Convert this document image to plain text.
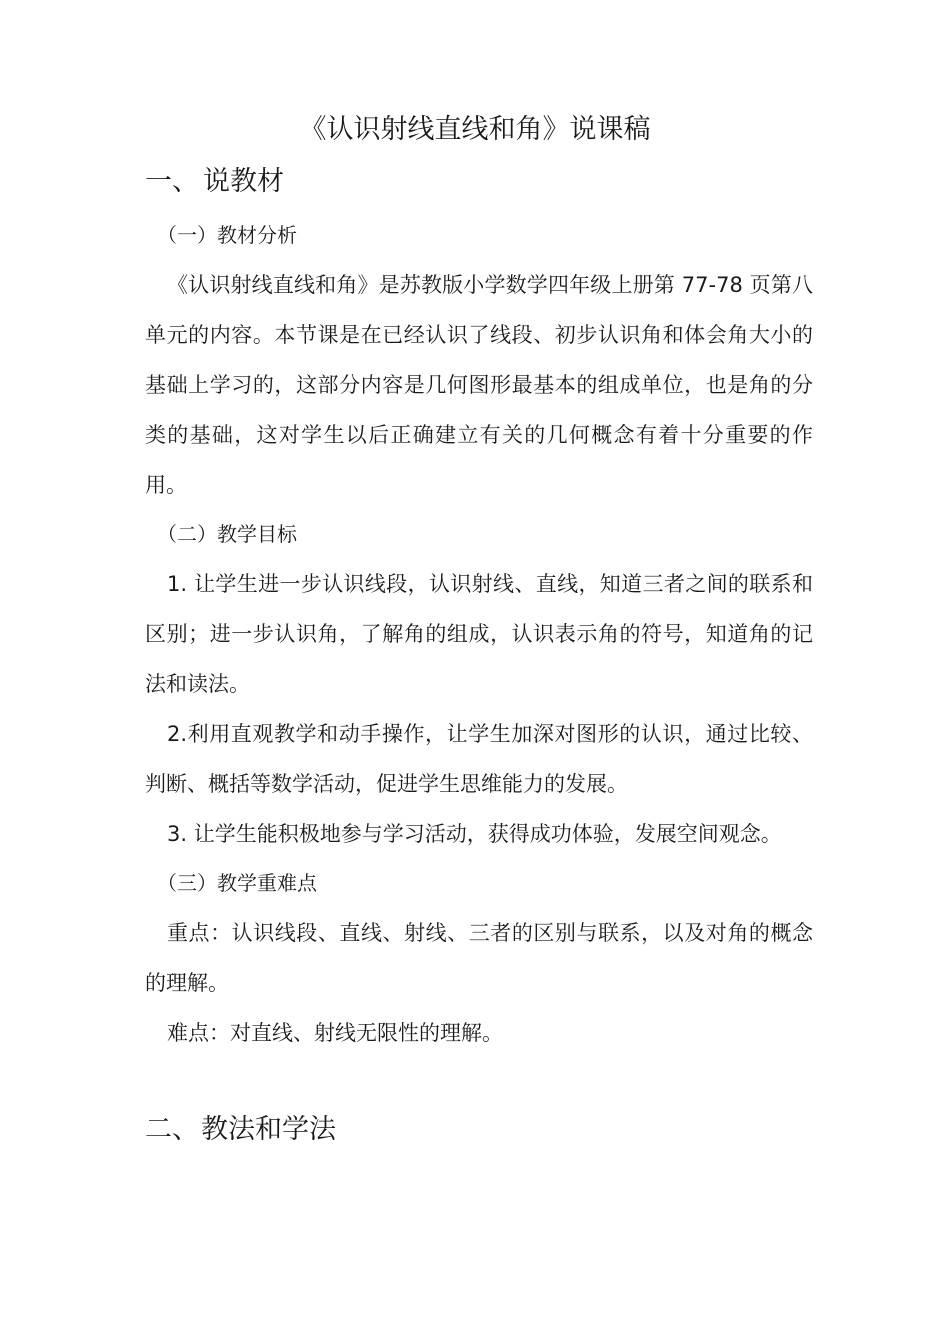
《认识射线直线和角》说课稿
一、 说教材
（一）教材分析

《认识射线直线和角》是苏教版小学数学四年级上册第 77-78 页第八单元的内容。本节课是在已经认识了线段、初步认识角和体会角大小的基础上学习的，这部分内容是几何图形最基本的组成单位，也是角的分类的基础，这对学生以后正确建立有关的几何概念有着十分重要的作用。

（二）教学目标

1. 让学生进一步认识线段，认识射线、直线，知道三者之间的联系和区别；进一步认识角，了解角的组成，认识表示角的符号，知道角的记法和读法。

2.利用直观教学和动手操作，让学生加深对图形的认识，通过比较、判断、概括等数学活动，促进学生思维能力的发展。

3. 让学生能积极地参与学习活动，获得成功体验，发展空间观念。

（三）教学重难点

重点：认识线段、直线、射线、三者的区别与联系，以及对角的概念的理解。

难点：对直线、射线无限性的理解。

二、教法和学法
